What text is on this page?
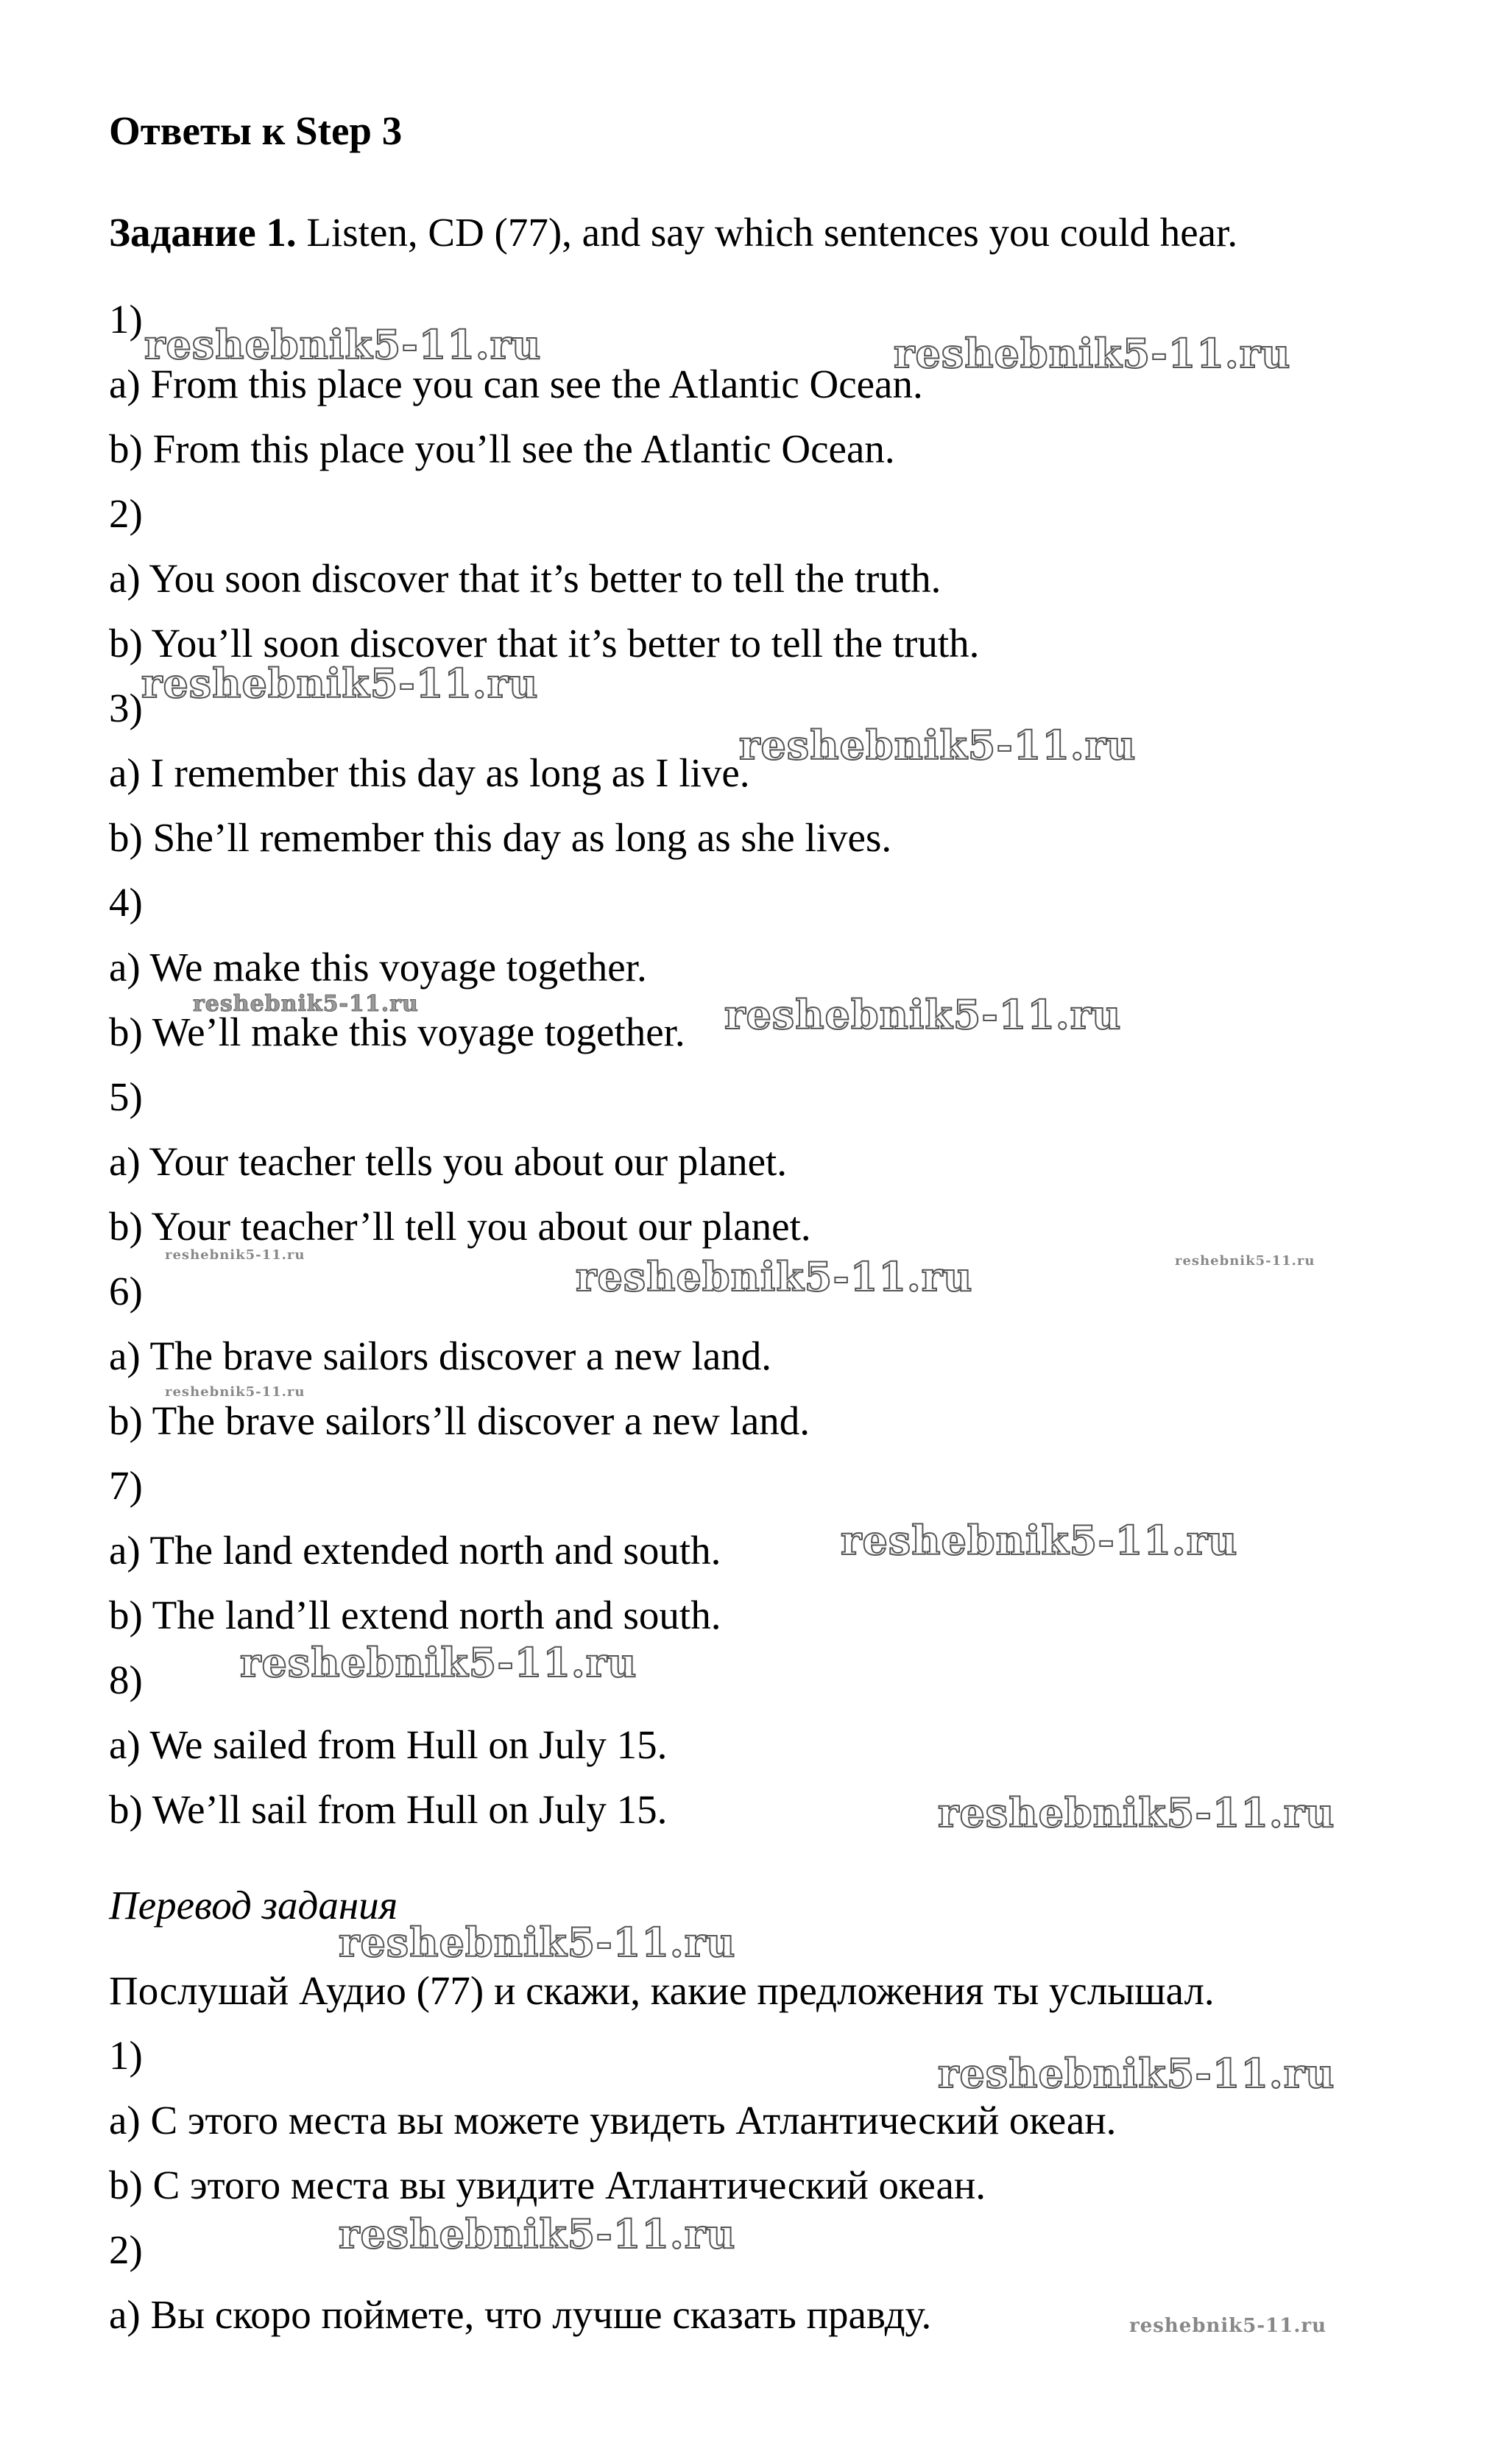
Ответы к Step 3
Задание 1. Listen, CD (77), and say which sentences you could hear.
1)
a) From this place you can see the Atlantic Ocean.
b) From this place you’ll see the Atlantic Ocean.
2)
a) You soon discover that it’s better to tell the truth.
b) You’ll soon discover that it’s better to tell the truth.
3)
a) I remember this day as long as I live.
b) She’ll remember this day as long as she lives.
4)
a) We make this voyage together.
b) We’ll make this voyage together.
5)
a) Your teacher tells you about our planet.
b) Your teacher’ll tell you about our planet.
6)
a) The brave sailors discover a new land.
b) The brave sailors’ll discover a new land.
7)
a) The land extended north and south.
b) The land’ll extend north and south.
8)
a) We sailed from Hull on July 15.
b) We’ll sail from Hull on July 15.
Перевод задания
Послушай Аудио (77) и скажи, какие предложения ты услышал.
1)
a) С этого места вы можете увидеть Атлантический океан.
b) С этого места вы увидите Атлантический океан.
2)
a) Вы скоро поймете, что лучше сказать правду.
reshebnik5-11.ru	reshebnik5-11.ru
reshebnik5-11.ru
reshebnik5-11.ru
reshebnik5-11.ru	reshebnik5-11.ru
reshebnik5-11.ru	reshebnik5-11.ru	reshebnik5-11.ru
reshebnik5-11.ru
reshebnik5-11.ru
reshebnik5-11.ru
reshebnik5-11.ru
reshebnik5-11.ru
reshebnik5-11.ru
reshebnik5-11.ru
reshebnik5-11.ru
